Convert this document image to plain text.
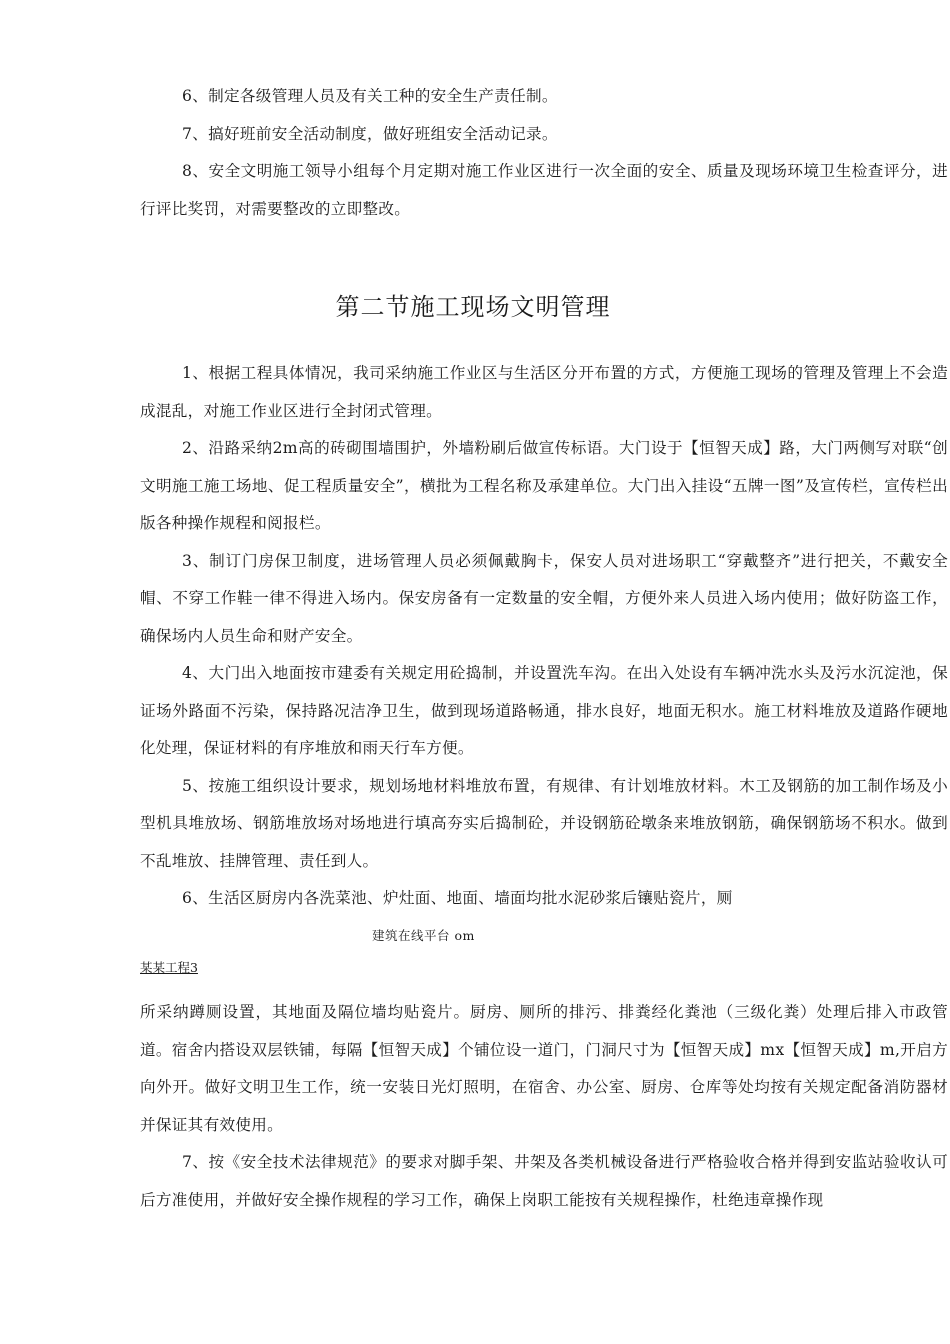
6、制定各级管理人员及有关工种的安全生产责任制。

7、搞好班前安全活动制度，做好班组安全活动记录。

8、安全文明施工领导小组每个月定期对施工作业区进行一次全面的安全、质量及现场环境卫生检查评分，进行评比奖罚，对需要整改的立即整改。

第二节施工现场文明管理

1、根据工程具体情况，我司采纳施工作业区与生活区分开布置的方式，方便施工现场的管理及管理上不会造成混乱，对施工作业区进行全封闭式管理。

2、沿路采纳2m高的砖砌围墙围护，外墙粉刷后做宣传标语。大门设于【恒智天成】路，大门两侧写对联“创文明施工施工场地、促工程质量安全”，横批为工程名称及承建单位。大门出入挂设“五牌一图”及宣传栏，宣传栏出版各种操作规程和阅报栏。

3、制订门房保卫制度，进场管理人员必须佩戴胸卡，保安人员对进场职工“穿戴整齐”进行把关，不戴安全帽、不穿工作鞋一律不得进入场内。保安房备有一定数量的安全帽，方便外来人员进入场内使用；做好防盗工作，确保场内人员生命和财产安全。

4、大门出入地面按市建委有关规定用砼捣制，并设置洗车沟。在出入处设有车辆冲洗水头及污水沉淀池，保证场外路面不污染，保持路况洁净卫生，做到现场道路畅通，排水良好，地面无积水。施工材料堆放及道路作硬地化处理，保证材料的有序堆放和雨天行车方便。

5、按施工组织设计要求，规划场地材料堆放布置，有规律、有计划堆放材料。木工及钢筋的加工制作场及小型机具堆放场、钢筋堆放场对场地进行填高夯实后捣制砼，并设钢筋砼墩条来堆放钢筋，确保钢筋场不积水。做到不乱堆放、挂牌管理、责任到人。

6、生活区厨房内各洗菜池、炉灶面、地面、墙面均批水泥砂浆后镶贴瓷片，厕

建筑在线平台 om
某某工程3

所采纳蹲厕设置，其地面及隔位墙均贴瓷片。厨房、厕所的排污、排粪经化粪池（三级化粪）处理后排入市政管道。宿舍内搭设双层铁铺，每隔【恒智天成】个铺位设一道门，门洞尺寸为【恒智天成】mx【恒智天成】m,开启方向外开。做好文明卫生工作，统一安装日光灯照明，在宿舍、办公室、厨房、仓库等处均按有关规定配备消防器材并保证其有效使用。

7、按《安全技术法律规范》的要求对脚手架、井架及各类机械设备进行严格验收合格并得到安监站验收认可后方准使用，并做好安全操作规程的学习工作，确保上岗职工能按有关规程操作，杜绝违章操作现
